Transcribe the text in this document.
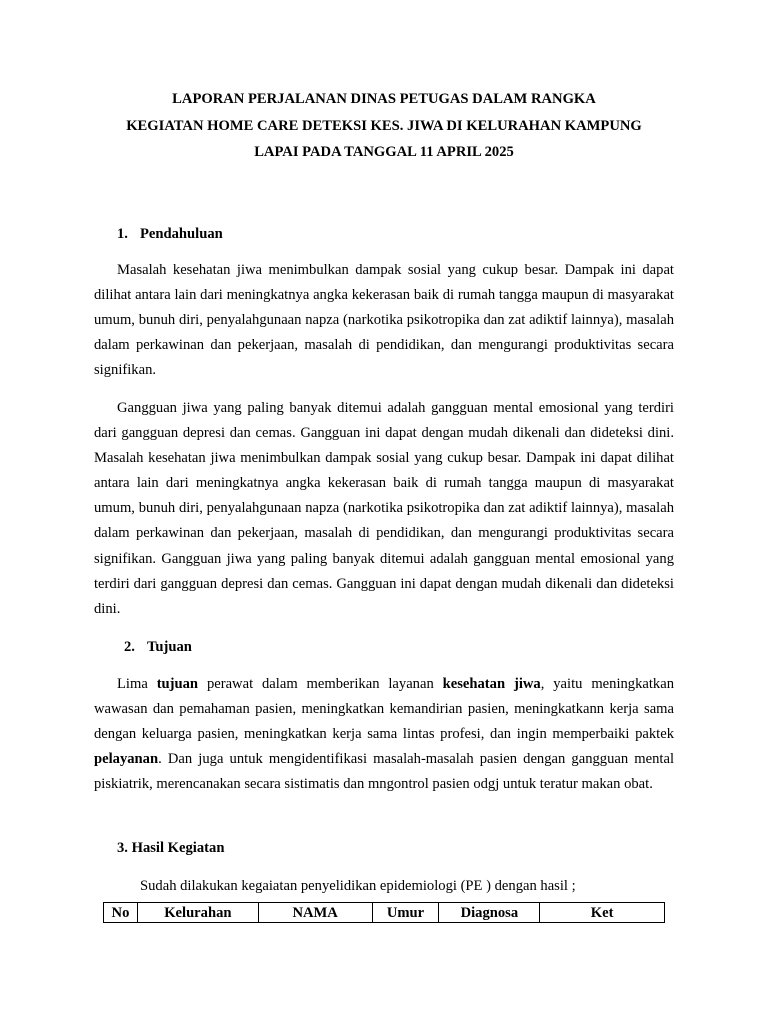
LAPORAN PERJALANAN DINAS PETUGAS DALAM RANGKA
KEGIATAN HOME CARE DETEKSI KES. JIWA DI KELURAHAN KAMPUNG
LAPAI PADA TANGGAL 11 APRIL 2025
1. Pendahuluan

Masalah kesehatan jiwa menimbulkan dampak sosial yang cukup besar. Dampak ini dapat dilihat antara lain dari meningkatnya angka kekerasan baik di rumah tangga maupun di masyarakat umum, bunuh diri, penyalahgunaan napza (narkotika psikotropika dan zat adiktif lainnya), masalah dalam perkawinan dan pekerjaan, masalah di pendidikan, dan mengurangi produktivitas secara signifikan.

Gangguan jiwa yang paling banyak ditemui adalah gangguan mental emosional yang terdiri dari gangguan depresi dan cemas. Gangguan ini dapat dengan mudah dikenali dan dideteksi dini. Masalah kesehatan jiwa menimbulkan dampak sosial yang cukup besar. Dampak ini dapat dilihat antara lain dari meningkatnya angka kekerasan baik di rumah tangga maupun di masyarakat umum, bunuh diri, penyalahgunaan napza (narkotika psikotropika dan zat adiktif lainnya), masalah dalam perkawinan dan pekerjaan, masalah di pendidikan, dan mengurangi produktivitas secara signifikan. Gangguan jiwa yang paling banyak ditemui adalah gangguan mental emosional yang terdiri dari gangguan depresi dan cemas. Gangguan ini dapat dengan mudah dikenali dan dideteksi dini.

2. Tujuan

Lima tujuan perawat dalam memberikan layanan kesehatan jiwa, yaitu meningkatkan wawasan dan pemahaman pasien, meningkatkan kemandirian pasien, meningkatkann kerja sama dengan keluarga pasien, meningkatkan kerja sama lintas profesi, dan ingin memperbaiki paktek pelayanan. Dan juga untuk mengidentifikasi masalah-masalah pasien dengan gangguan mental piskiatrik, merencanakan secara sistimatis dan mngontrol pasien odgj untuk teratur makan obat.

3. Hasil Kegiatan

Sudah dilakukan kegaiatan penyelidikan epidemiologi (PE ) dengan hasil ;

No	Kelurahan	NAMA	Umur	Diagnosa	Ket
